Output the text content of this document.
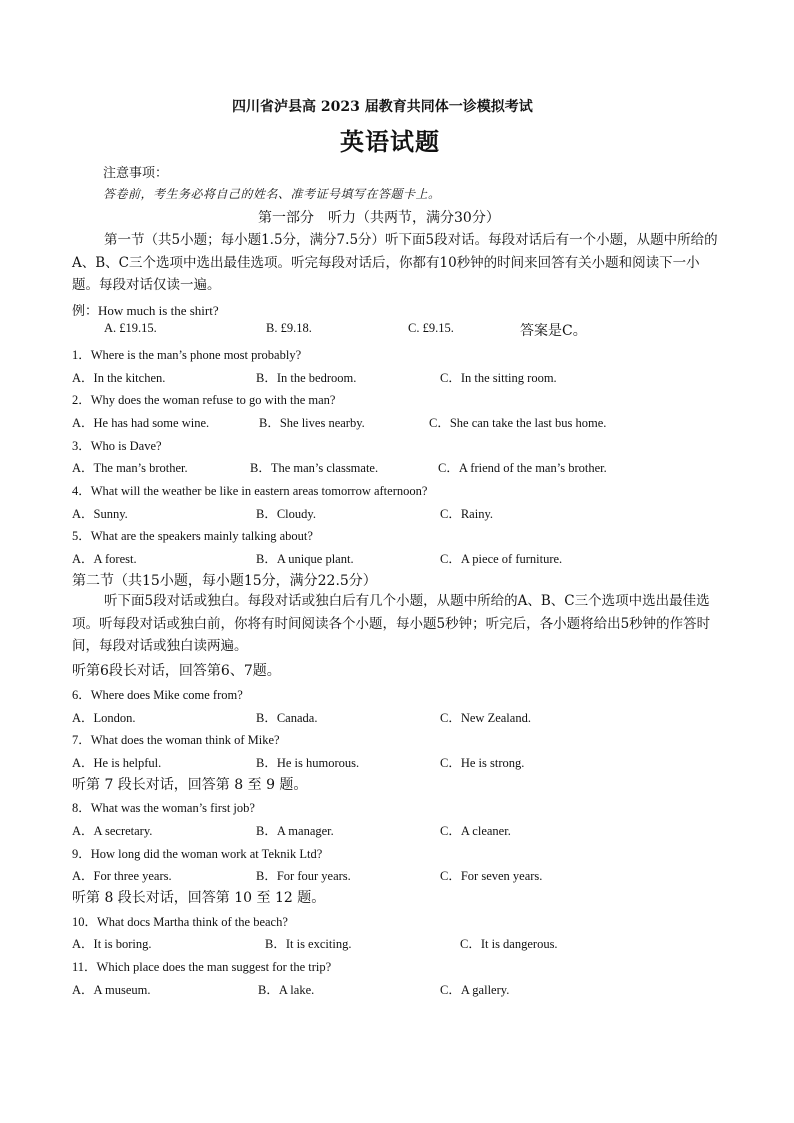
四川省泸县高 2023 届教育共同体一诊模拟考试
英语试题
注意事项：
答卷前，考生务必将自己的姓名、准考证号填写在答题卡上。
第一部分　听力（共两节，满分30分）
第一节（共5小题；每小题1.5分，满分7.5分）听下面5段对话。每段对话后有一个小题，从题中所给的A、B、C三个选项中选出最佳选项。听完每段对话后，你都有10秒钟的时间来回答有关小题和阅读下一小题。每段对话仅读一遍。
例：How much is the shirt?
A. £19.15.	B. £9.18.	C. £9.15.	答案是C。
1．Where is the man’s phone most probably?
A．In the kitchen.	B．In the bedroom.	C．In the sitting room.
2．Why does the woman refuse to go with the man?
A．He has had some wine.	B．She lives nearby.	C．She can take the last bus home.
3．Who is Dave?
A．The man’s brother.	B．The man’s classmate.	C．A friend of the man’s brother.
4．What will the weather be like in eastern areas tomorrow afternoon?
A．Sunny.	B．Cloudy.	C．Rainy.
5．What are the speakers mainly talking about?
A．A forest.	B．A unique plant.	C．A piece of furniture.
第二节（共15小题，每小题15分，满分22.5分）
听下面5段对话或独白。每段对话或独白后有几个小题，从题中所给的A、B、C三个选项中选出最佳选项。听每段对话或独白前，你将有时间阅读各个小题，每小题5秒钟；听完后，各小题将给出5秒钟的作答时间，每段对话或独白读两遍。
听第6段长对话，回答第6、7题。
6．Where does Mike come from?
A．London.	B．Canada.	C．New Zealand.
7．What does the woman think of Mike?
A．He is helpful.	B．He is humorous.	C．He is strong.
听第 7 段长对话，回答第 8 至 9 题。
8．What was the woman’s first job?
A．A secretary.	B．A manager.	C．A cleaner.
9．How long did the woman work at Teknik Ltd?
A．For three years.	B．For four years.	C．For seven years.
听第 8 段长对话，回答第 10 至 12 题。
10．What docs Martha think of the beach?
A．It is boring.	B．It is exciting.	C．It is dangerous.
11．Which place does the man suggest for the trip?
A．A museum.	B．A lake.	C．A gallery.
